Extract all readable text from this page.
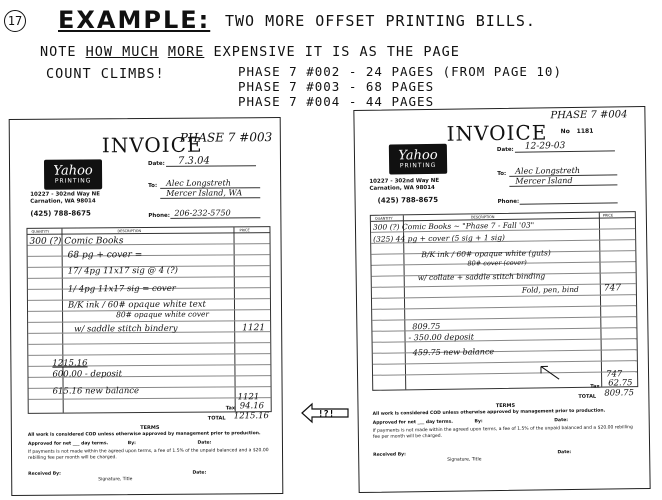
17 EXAMPLE: TWO MORE OFFSET PRINTING BILLS.
NOTE HOW MUCH MORE EXPENSIVE IT IS AS THE PAGE
COUNT CLIMBS!	PHASE 7 #002 - 24 PAGES (FROM PAGE 10)
PHASE 7 #003 - 68 PAGES
PHASE 7 #004 - 44 PAGES
INVOICE
PHASE 7 #003
Yahoo
PRINTING
10227 - 302nd Way NE
Carnation, WA 98014
(425) 788-8675
Date: 7.3.04
To: Alec Longstreth
Mercer Island, WA
Phone: 206-232-5750
QUANTITY	DESCRIPTION	PRICE
300 (?) Comic Books
68 pg + cover =
17/ 4pg 11x17 sig @ 4 (?)
1/ 4pg 11x17 sig = cover
B/K ink / 60# opaque white text
80# opaque white cover
w/ saddle stitch bindery	1121
1215.16
600.00 - deposit
615.16 new balance
1121
Tax 94.16
TOTAL 1215.16
TERMS
All work is considered COD unless otherwise approved by management prior to production.
Approved for net ___ day terms.	By:	Date:
If payments is not made within the agreed upon terms, a fee of 1.5% of the unpaid balanced and a $20.00 rebilling fee per month will be charged.
Received By:	Date:
Signature, Title
!?!
INVOICE
PHASE 7 #004
No 1181
Yahoo
PRINTING
10227 - 302nd Way NE
Carnation, WA 98014
(425) 788-8675
Date: 12-29-03
To: Alec Longstreth
Mercer Island
Phone:
QUANTITY	DESCRIPTION	PRICE
300 (?) Comic Books ~ "Phase 7 - Fall '03"
(325) 44 pg + cover (5 sig + 1 sig)
B/K ink / 60# opaque white (guts)
80# cover (cover)
w/ collate + saddle stitch binding
Fold, pen, bind	747
809.75
- 350.00 deposit
459.75 new balance
747
Tax 62.75
TOTAL 809.75
TERMS
All work is considered COD unless otherwise approved by management prior to production.
Approved for net ___ day terms.	By:	Date:
If payments is not made within the agreed upon terms, a fee of 1.5% of the unpaid balanced and a $20.00 rebilling fee per month will be charged.
Received By:	Date:
Signature, Title
